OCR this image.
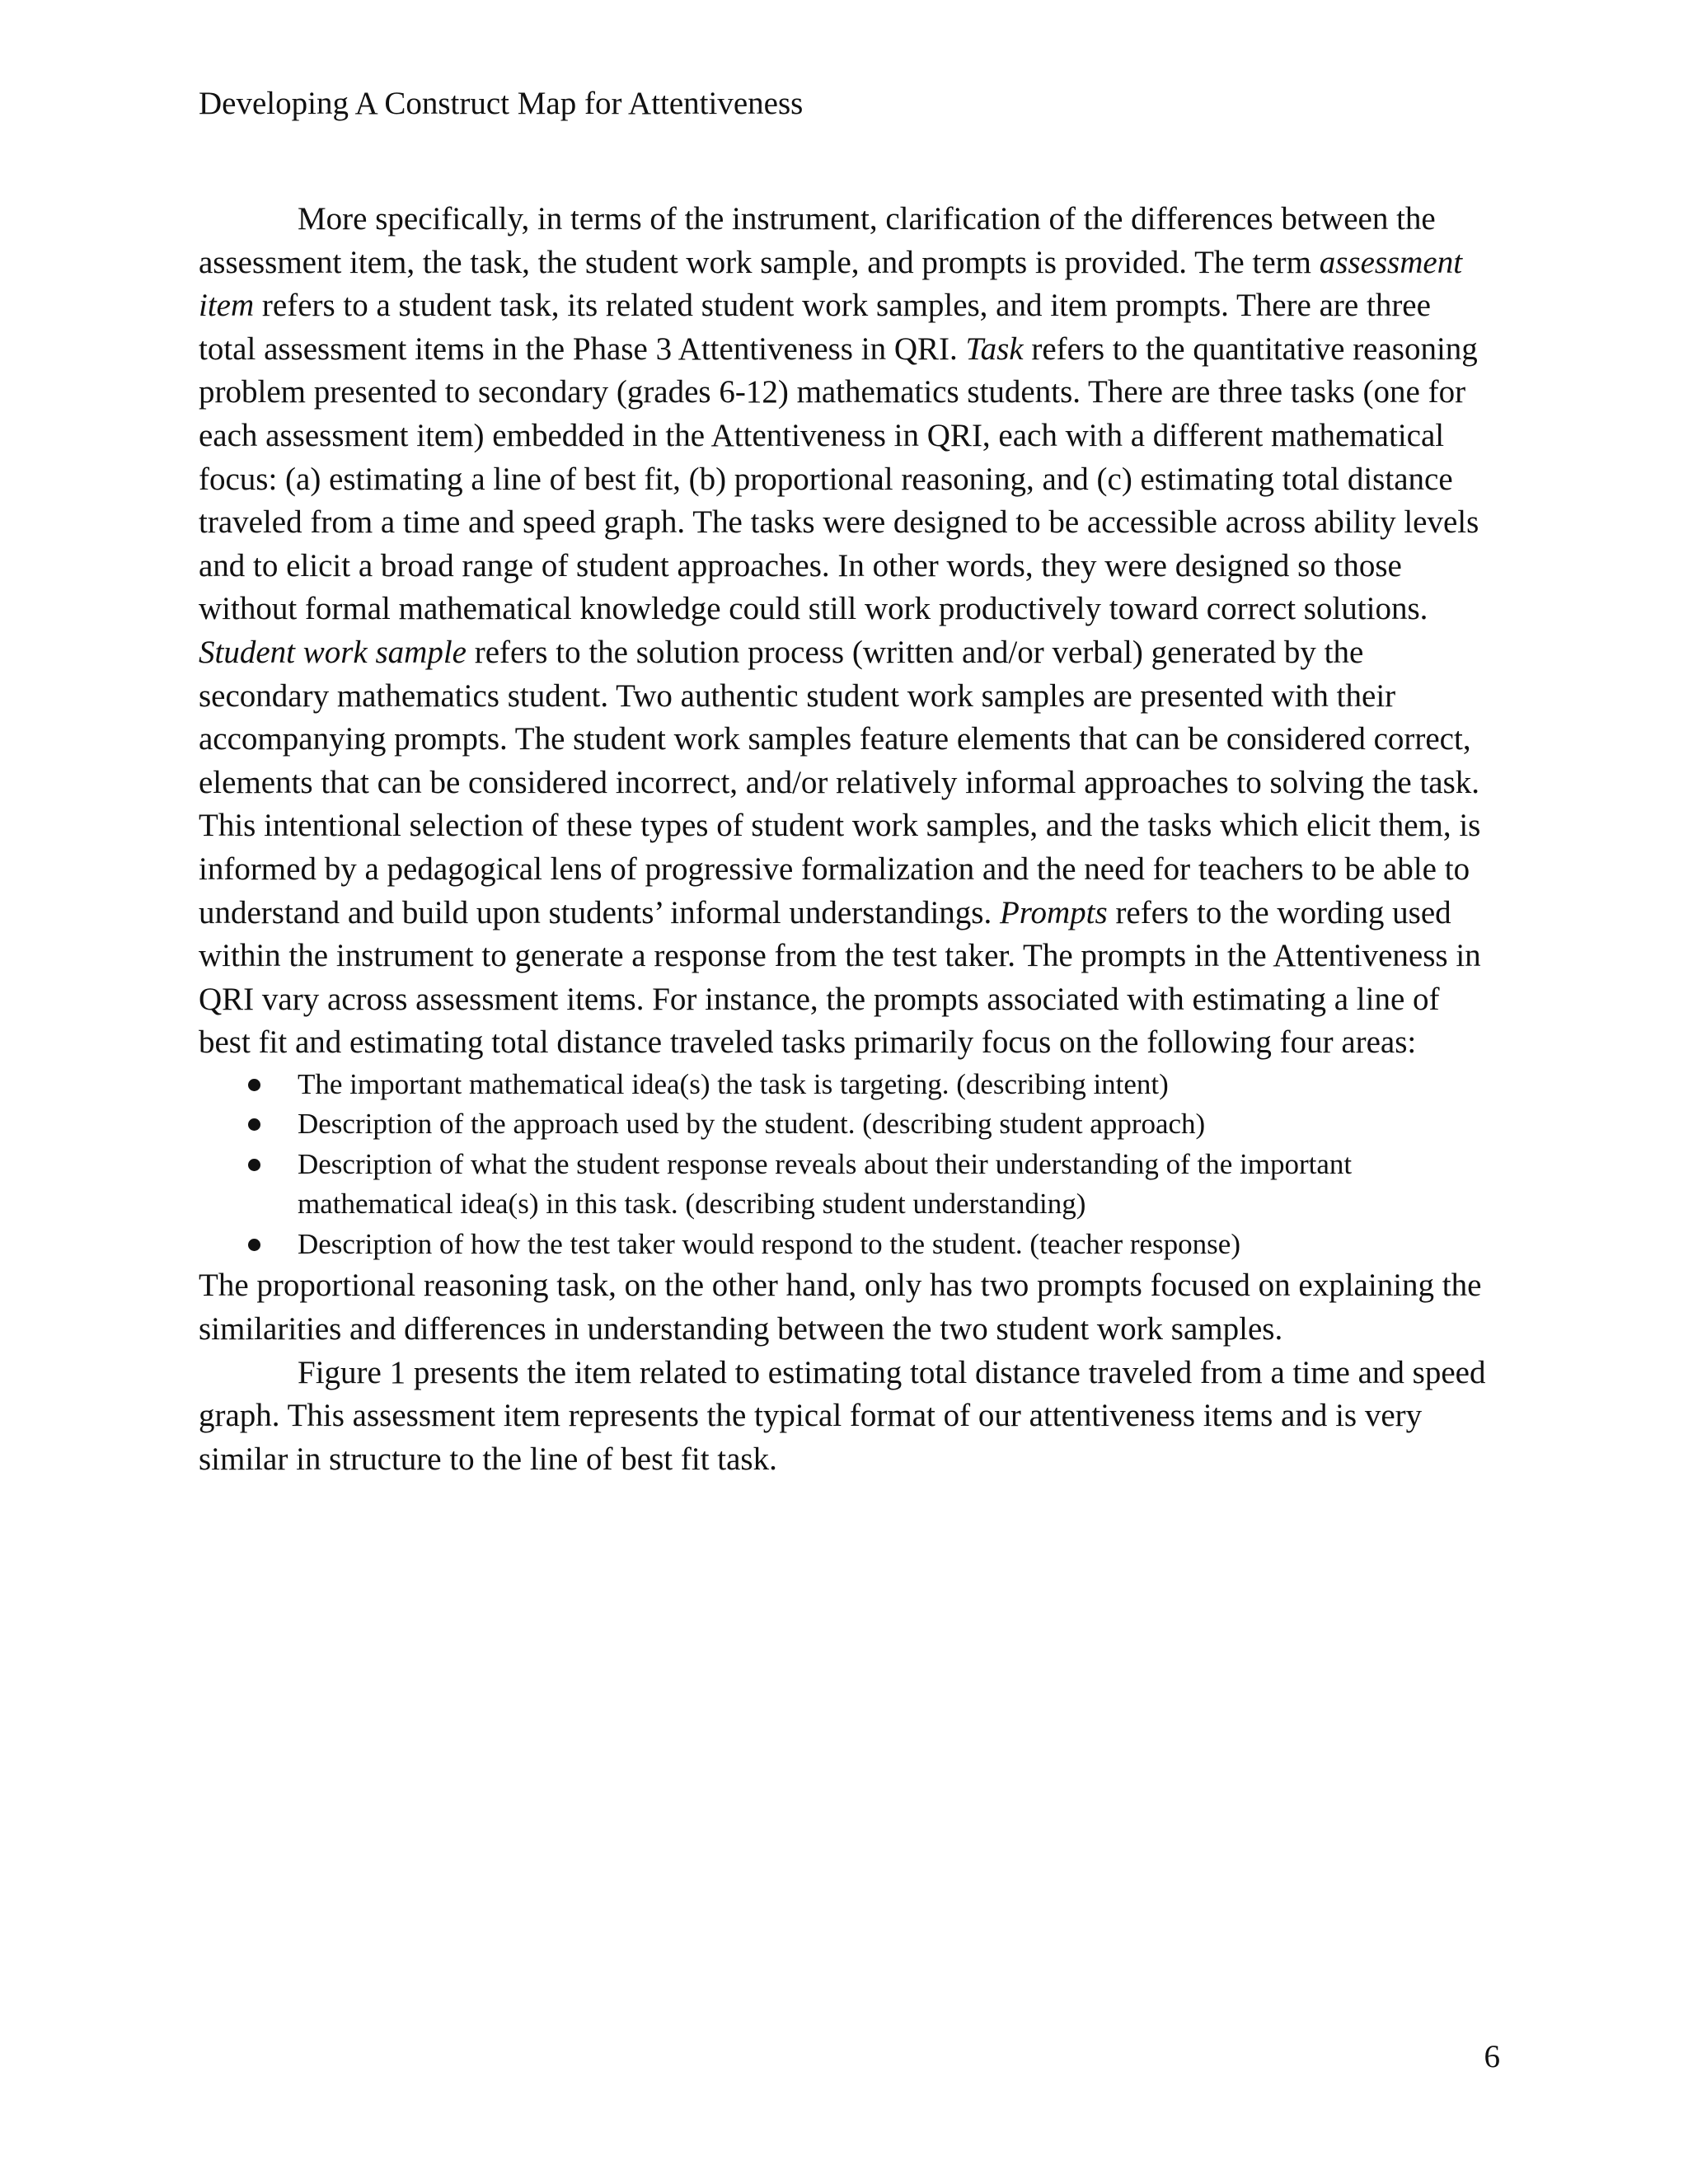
Developing A Construct Map for Attentiveness

More specifically, in terms of the instrument, clarification of the differences between the assessment item, the task, the student work sample, and prompts is provided. The term assessment item refers to a student task, its related student work samples, and item prompts. There are three total assessment items in the Phase 3 Attentiveness in QRI. Task refers to the quantitative reasoning problem presented to secondary (grades 6-12) mathematics students. There are three tasks (one for each assessment item) embedded in the Attentiveness in QRI, each with a different mathematical focus: (a) estimating a line of best fit, (b) proportional reasoning, and (c) estimating total distance traveled from a time and speed graph. The tasks were designed to be accessible across ability levels and to elicit a broad range of student approaches. In other words, they were designed so those without formal mathematical knowledge could still work productively toward correct solutions. Student work sample refers to the solution process (written and/or verbal) generated by the secondary mathematics student. Two authentic student work samples are presented with their accompanying prompts. The student work samples feature elements that can be considered correct, elements that can be considered incorrect, and/or relatively informal approaches to solving the task. This intentional selection of these types of student work samples, and the tasks which elicit them, is informed by a pedagogical lens of progressive formalization and the need for teachers to be able to understand and build upon students’ informal understandings. Prompts refers to the wording used within the instrument to generate a response from the test taker. The prompts in the Attentiveness in QRI vary across assessment items. For instance, the prompts associated with estimating a line of best fit and estimating total distance traveled tasks primarily focus on the following four areas:

The important mathematical idea(s) the task is targeting. (describing intent)
Description of the approach used by the student. (describing student approach)
Description of what the student response reveals about their understanding of the important mathematical idea(s) in this task. (describing student understanding)
Description of how the test taker would respond to the student. (teacher response)

The proportional reasoning task, on the other hand, only has two prompts focused on explaining the similarities and differences in understanding between the two student work samples.

Figure 1 presents the item related to estimating total distance traveled from a time and speed graph. This assessment item represents the typical format of our attentiveness items and is very similar in structure to the line of best fit task.

6
